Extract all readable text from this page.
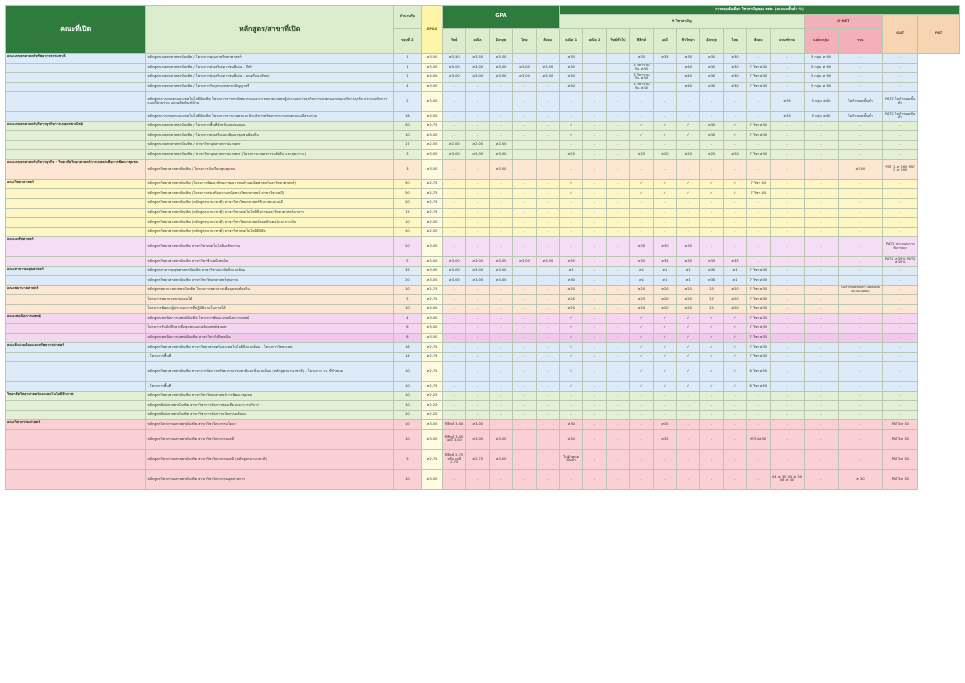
คณะที่เปิด	หลักสูตร/สาขาที่เปิด	จำนวนรับ	GPAX	GPA					การสอบคัดเลือก วิชาสามัญของ สสท. (คะแนนขั้นต่ำ %)													
									9 วิชาสามัญ										O-NET		GAT	PAT
		รอบที่ 2		วิทย์	คณิต	อังกฤษ	ไทย	สังคม	คณิต 1	คณิต 2	วิทย์ทั่วไป	ฟิสิกส์	เคมี	ชีววิทยา	อังกฤษ	ไทย	สังคม	เกณฑ์รวม	แต่ละกลุ่ม	รวม		

คณะเกษตรศาสตร์ทรัพยากรธรรมชาติ	หลักสูตรเกษตรศาสตรบัณฑิต / โครงการคุณภาพวิทยาศาสตร์	1	≥3.50	≥3.50	≥3.50	≥3.50			≥35			≥35	≥35	≥35	≥30	≥30	-	-	5 กลุ่ม ≥ 60	-	-	
	หลักสูตรเกษตรศาสตรบัณฑิต / โครงการส่งเสริมเยาวชนดีเด่น - กีฬา	1	≥3.00	≥3.00	≥3.00	≥3.00	≥3.00	≥3.00	≥30			3 วิชารวมกัน ≥30		≥40	≥30	≥30	7 วิชา≥30	-	5 กลุ่ม ≥ 60	-	-	
	หลักสูตรเกษตรศาสตรบัณฑิต / โครงการส่งเสริมเยาวชนดีเด่น - ดนตรีและศิลปะ	1	≥3.00	≥3.00	≥3.00	≥3.00	≥3.00	≥3.00	≥30			3 วิชารวมกัน ≥30		≥40	≥30	≥30	7 วิชา≥30	-	5 กลุ่ม ≥ 60	-	-	
	หลักสูตรเกษตรศาสตรบัณฑิต / โครงการรับบุตรเกษตรกรปัญญาศรี	4	≥3.50	-	-	-	-	-	≥30			3 วิชารวมกัน ≥30		≥40	≥30	≥30	7 วิชา≥30	-	5 กลุ่ม ≥ 60	-	-	
	หลักสูตรการเกษตรและเทคโนโลยีบัณฑิต โครงการการพาณิชยกรรมและการตลาดเกษตรผู้ประกอบการธุรกิจการเกษตรและคณะบริหารธุรกิจ ประกอบกิจการแบบมีส่วนร่วม และผลิตภัณฑ์บ้าน	2	≥3.00	-	-	-	-	-	-	-	-	-	-	-	-	-	-	≥35	5 กลุ่ม ≥40	ไม่กำหนดขั้นต่ำ	PAT2 ไม่กำหนดขั้นต่ำ	
	หลักสูตรการเกษตรและเทคโนโลยีบัณฑิต โครงการการเกษตรและนักบริหารทรัพยากรการเกษตรแบบมีส่วนร่วม	18	≥3.00	-	-	-	-	-	-	-	-	-	-	-	-	-	-	≥35	5 กลุ่ม ≥40	ไม่กำหนดขั้นต่ำ	PAT2 ไม่กำหนดขั้นต่ำ	
คณะเกษตรศาสตร์บริหารธุรกิจการเกษตรพาณิชย์	หลักสูตรเกษตรศาสตรบัณฑิต / โครงการพื้นที่จังหวัดแม่ฮ่องสอน	50	≥2.75	-	-	-	-	-	✓	-	-	✓	✓	✓	≥30	✓	7 วิชา≥30	-	-	-	-	
	หลักสูตรเกษตรศาสตรบัณฑิต / โครงการส่งเสริมและพัฒนาชุมชนท้องถิ่น	10	≥3.00	-	-	-	-	-	✓	-	-	✓	✓	✓	≥30	✓	7 วิชา≥30	-	-	-	-	
	หลักสูตรเกษตรศาสตรบัณฑิต / สาขาวิชาอุตสาหกรรมเกษตร	17	≥2.50	≥2.00	≥2.00	≥2.00			-	-	-	-	-	-	-	-	-	-	-	-	-	
	หลักสูตรเกษตรศาสตรบัณฑิต / สาขาวิชาอุตสาหกรรมเกษตร (โครงการเกษตรกรรมยั่งยืน และสุขภาวะ)	3	≥3.00	≥3.00	≥3.00	≥3.00			≥20	-	-	≥20	≥20	≥20	≥20	≥20	7 วิชา≥30	-	-	-	-	
คณะเกษตรศาสตร์บริหารธุรกิจ - วิทยาลัยวิทยาศาสตร์การเกษตรเพื่อการพัฒนาชุมชน	หลักสูตรวิทยาศาสตรบัณฑิต / โครงการนักเรียนทุนชุมชน	3	≥3.50	-	-	≥3.00			-	-	-	-	-	-	-	-	-	-	-	≥200	PAT 1 ≥ 160 PAT 2 ≥ 160	
คณะวิทยาศาสตร์	หลักสูตรวิทยาศาสตรบัณฑิต (โครงการพัฒนาศักยภาพเยาวชนด้านคณิตศาสตร์และวิทยาศาสตร์)	50	≥2.75	-	-	-	-	-	✓	-	-	✓	✓	✓	✓	✓	7 วิชา 40	-	-	-	-	
	หลักสูตรวิทยาศาสตรบัณฑิต (โครงการส่งเสริมความถนัดทางวิทยาศาสตร์ สาขาวิชาเคมี)	50	≥2.75	-	-	-	-	-	✓	-	-	✓	✓	✓	✓	✓	7 วิชา 40	-	-	-	-	
	หลักสูตรวิทยาศาสตรบัณฑิต (หลักสูตรนานาชาติ) สาขาวิชาวิทยาศาสตร์ชีวภาพและเคมี	20	≥2.75	-	-	-	-	-	-	-	-	-	-	-	-	-	-	-	-	-	-	
	หลักสูตรวิทยาศาสตรบัณฑิต (หลักสูตรนานาชาติ) สาขาวิชาเทคโนโลยีชีวภาพและวิทยาศาสตร์อาหาร	15	≥2.75	-	-	-	-	-	-	-	-	-	-	-	-	-	-	-	-	-	-	
	หลักสูตรวิทยาศาสตรบัณฑิต (หลักสูตรนานาชาติ) สาขาวิชาวิทยาศาสตร์คอมพิวเตอร์และการเงิน	10	≥2.50	-	-	-	-	-	-	-	-	-	-	-	-	-	-	-	-	-	-	
	หลักสูตรวิทยาศาสตรบัณฑิต (หลักสูตรนานาชาติ) สาขาวิชาเทคโนโลยีดิจิทัล	20	≥2.50	-	-	-	-	-	-	-	-	-	-	-	-	-	-	-	-	-	-	
คณะเภสัชศาสตร์	หลักสูตรวิทยาศาสตรบัณฑิต สาขาวิชาเทคโนโลยีเภสัชกรรม	20	≥3.00	-	-	-	-	-	-	-	-	≥30	≥30	≥35	-	-	-	-	-	-	PAT2 ประกอบการพิจารณา	
	หลักสูตรวิทยาศาสตรบัณฑิต สาขาวิชาชีวเคมีเทคนิค	5	≥3.00	≥3.00	≥3.00	≥3.00	≥3.00	≥3.00	≥35	-	-	≥35	≥35	≥35	≥35	≥35	-	-	-	-	PAT1 ≥35% PAT2 ≥35%	
คณะสาธารณสุขศาสตร์	หลักสูตรสาธารณสุขศาสตรบัณฑิต สาขาวิชาอนามัยสิ่งแวดล้อม	35	≥3.00	≥3.00	≥3.00	≥3.00			≥1	-	-	≥1	≥1	≥1	≥30	≥1	7 วิชา≥30	-	-	-	-	
	หลักสูตรวิทยาศาสตรบัณฑิต สาขาวิชาวิทยาศาสตร์สุขภาพ	20	≥3.00	≥3.00	≥3.00	≥3.00			≥30	-	-	≥1	≥1	≥1	≥30	≥1	7 วิชา≥30	-	-	-	-	
คณะพยาบาลศาสตร์	หลักสูตรพยาบาลศาสตรบัณฑิต โครงการพยาบาลเพื่อชุมชนท้องถิ่น	10	≥2.75	-	-	-	-	-	≥20	-	-	≥20	≥20	≥20	25	≥20	7 วิชา≥30	-	-	ไม่กำหนดขั้นต่ำ แต่ต้องมีคะแนนสอบ	-	
	โครงการพยาบาลชายแดนใต้	5	≥2.75	-	-	-	-	-	≥20	-	-	≥20	≥20	≥20	25	≥20	7 วิชา≥30	-	-		-	
	โครงการพัฒนาผู้ประกอบการที่ปฏิบัติงานในภาคใต้	10	≥3.00	-	-	-	-	-	≥20	-	-	≥20	≥20	≥20	25	≥20	7 วิชา≥30	-	-		-	
คณะเทคนิคการแพทย์	หลักสูตรเทคนิคการแพทย์บัณฑิต โครงการพัฒนาเทคนิคการแพทย์	4	≥3.00	-	-	-	-	-	✓	-	-	✓	✓	✓	✓	✓	7 วิชา≥35	-	-	-	-	
	โครงการรับนักศึกษาเพื่อชุมชนและผลิตแพทย์ชนบท	8	≥3.00	-	-	-	-	-	✓	-	-	✓	✓	✓	✓	✓	7 วิชา≥35	-	-	-	-	
	หลักสูตรเทคนิคการแพทย์บัณฑิต สาขาวิชารังสีเทคนิค	8	≥3.50	-	-	-	-	-	✓	-	-	✓	✓	✓	✓	✓	7 วิชา≥35	-	-	-	-	
คณะสิ่งแวดล้อมและทรัพยากรศาสตร์	หลักสูตรวิทยาศาสตรบัณฑิต สาขาวิทยาศาสตร์และเทคโนโลยีสิ่งแวดล้อม - โครงการวิทยาเขต	16	≥2.75	-	-	-	-	-	✓	-	-	✓	✓	✓	✓	✓	7 วิชา≥35	-	-	-	-	
	- โครงการพื้นที่	14	≥2.75	-	-	-	-	-	✓	-	-	✓	✓	✓	✓	✓	7 วิชา≥35	-	-	-	-	
	หลักสูตรวิทยาศาสตรบัณฑิต สาขาการจัดการทรัพยากรธรรมชาติและสิ่งแวดล้อม (หลักสูตรนานาชาติ) - โครงการ วว. ที่กำหนด	10	≥2.75	-	-	-	-	-	✓	-	-	✓	✓	✓	✓	✓	6 วิชา≥55	-	-	-	-	
	- โครงการพื้นที่	10	≥2.75	-	-	-	-	-	✓	-	-	✓	✓	✓	✓	✓	6 วิชา≥55	-	-	-	-	
วิทยาลัยวิทยาศาสตร์และเทคโนโลยีชีวภาพ	หลักสูตรวิทยาศาสตรบัณฑิต สาขาวิชาวิทยาศาสตร์การพัฒนาชุมชน	10	≥2.25	-	-	-	-	-	-	-	-	-	-	-	-	-	-	-	-	-	-	
	หลักสูตรศิลปศาสตรบัณฑิต สาขาวิชาการจัดการท่องเที่ยวและการบริการ	10	≥2.25	-	-	-	-	-	-	-	-	-	-	-	-	-	-	-	-	-	-	
	หลักสูตรศิลปศาสตรบัณฑิต สาขาวิชาการจัดการนวัตกรรมสังคม	20	≥2.25	-	-	-	-	-	-	-	-	-	-	-	-	-	-	-	-	-	-	
คณะวิศวกรรมศาสตร์	หลักสูตรวิศวกรรมศาสตรบัณฑิต สาขาวิชาวิศวกรรมโยธา	10	≥3.00	ฟิสิกส์ 3.00	≥3.00				≥30	-	-	-	≥30	-	-	-	-	-	-	-	PAT3≥ 30	
	หลักสูตรวิศวกรรมศาสตรบัณฑิต สาขาวิชาวิศวกรรมเคมี	10	≥3.00	ฟิสิกส์ 3.00 เคมี 3.00	≥3.00	≥3.00			≥30	-	-	-	≥35	-	-	-	ทั่วไป≥30	-	-	-	PAT3≥ 30	
	หลักสูตรวิศวกรรมศาสตรบัณฑิต สาขาวิชาวิศวกรรมเคมี (หลักสูตรนานาชาติ)	3	≥2.75	ฟิสิกส์ 2.75 หรือ เคมี 2.75	≥2.75	≥3.00			ไม่กำหนดขั้นต่ำ	-	-	-	-	-	-	-	-	-	-	-	PAT3≥ 30	
	หลักสูตรวิศวกรรมศาสตรบัณฑิต สาขาวิชาวิศวกรรมอุตสาหการ	10	≥3.00	-	-	-	-	-	-	-	-	-	-	-	-	-	-	04 ≥ 30 05 ≥ 30 06 ≥ 30	-	≥ 30	PAT3≥ 30	
